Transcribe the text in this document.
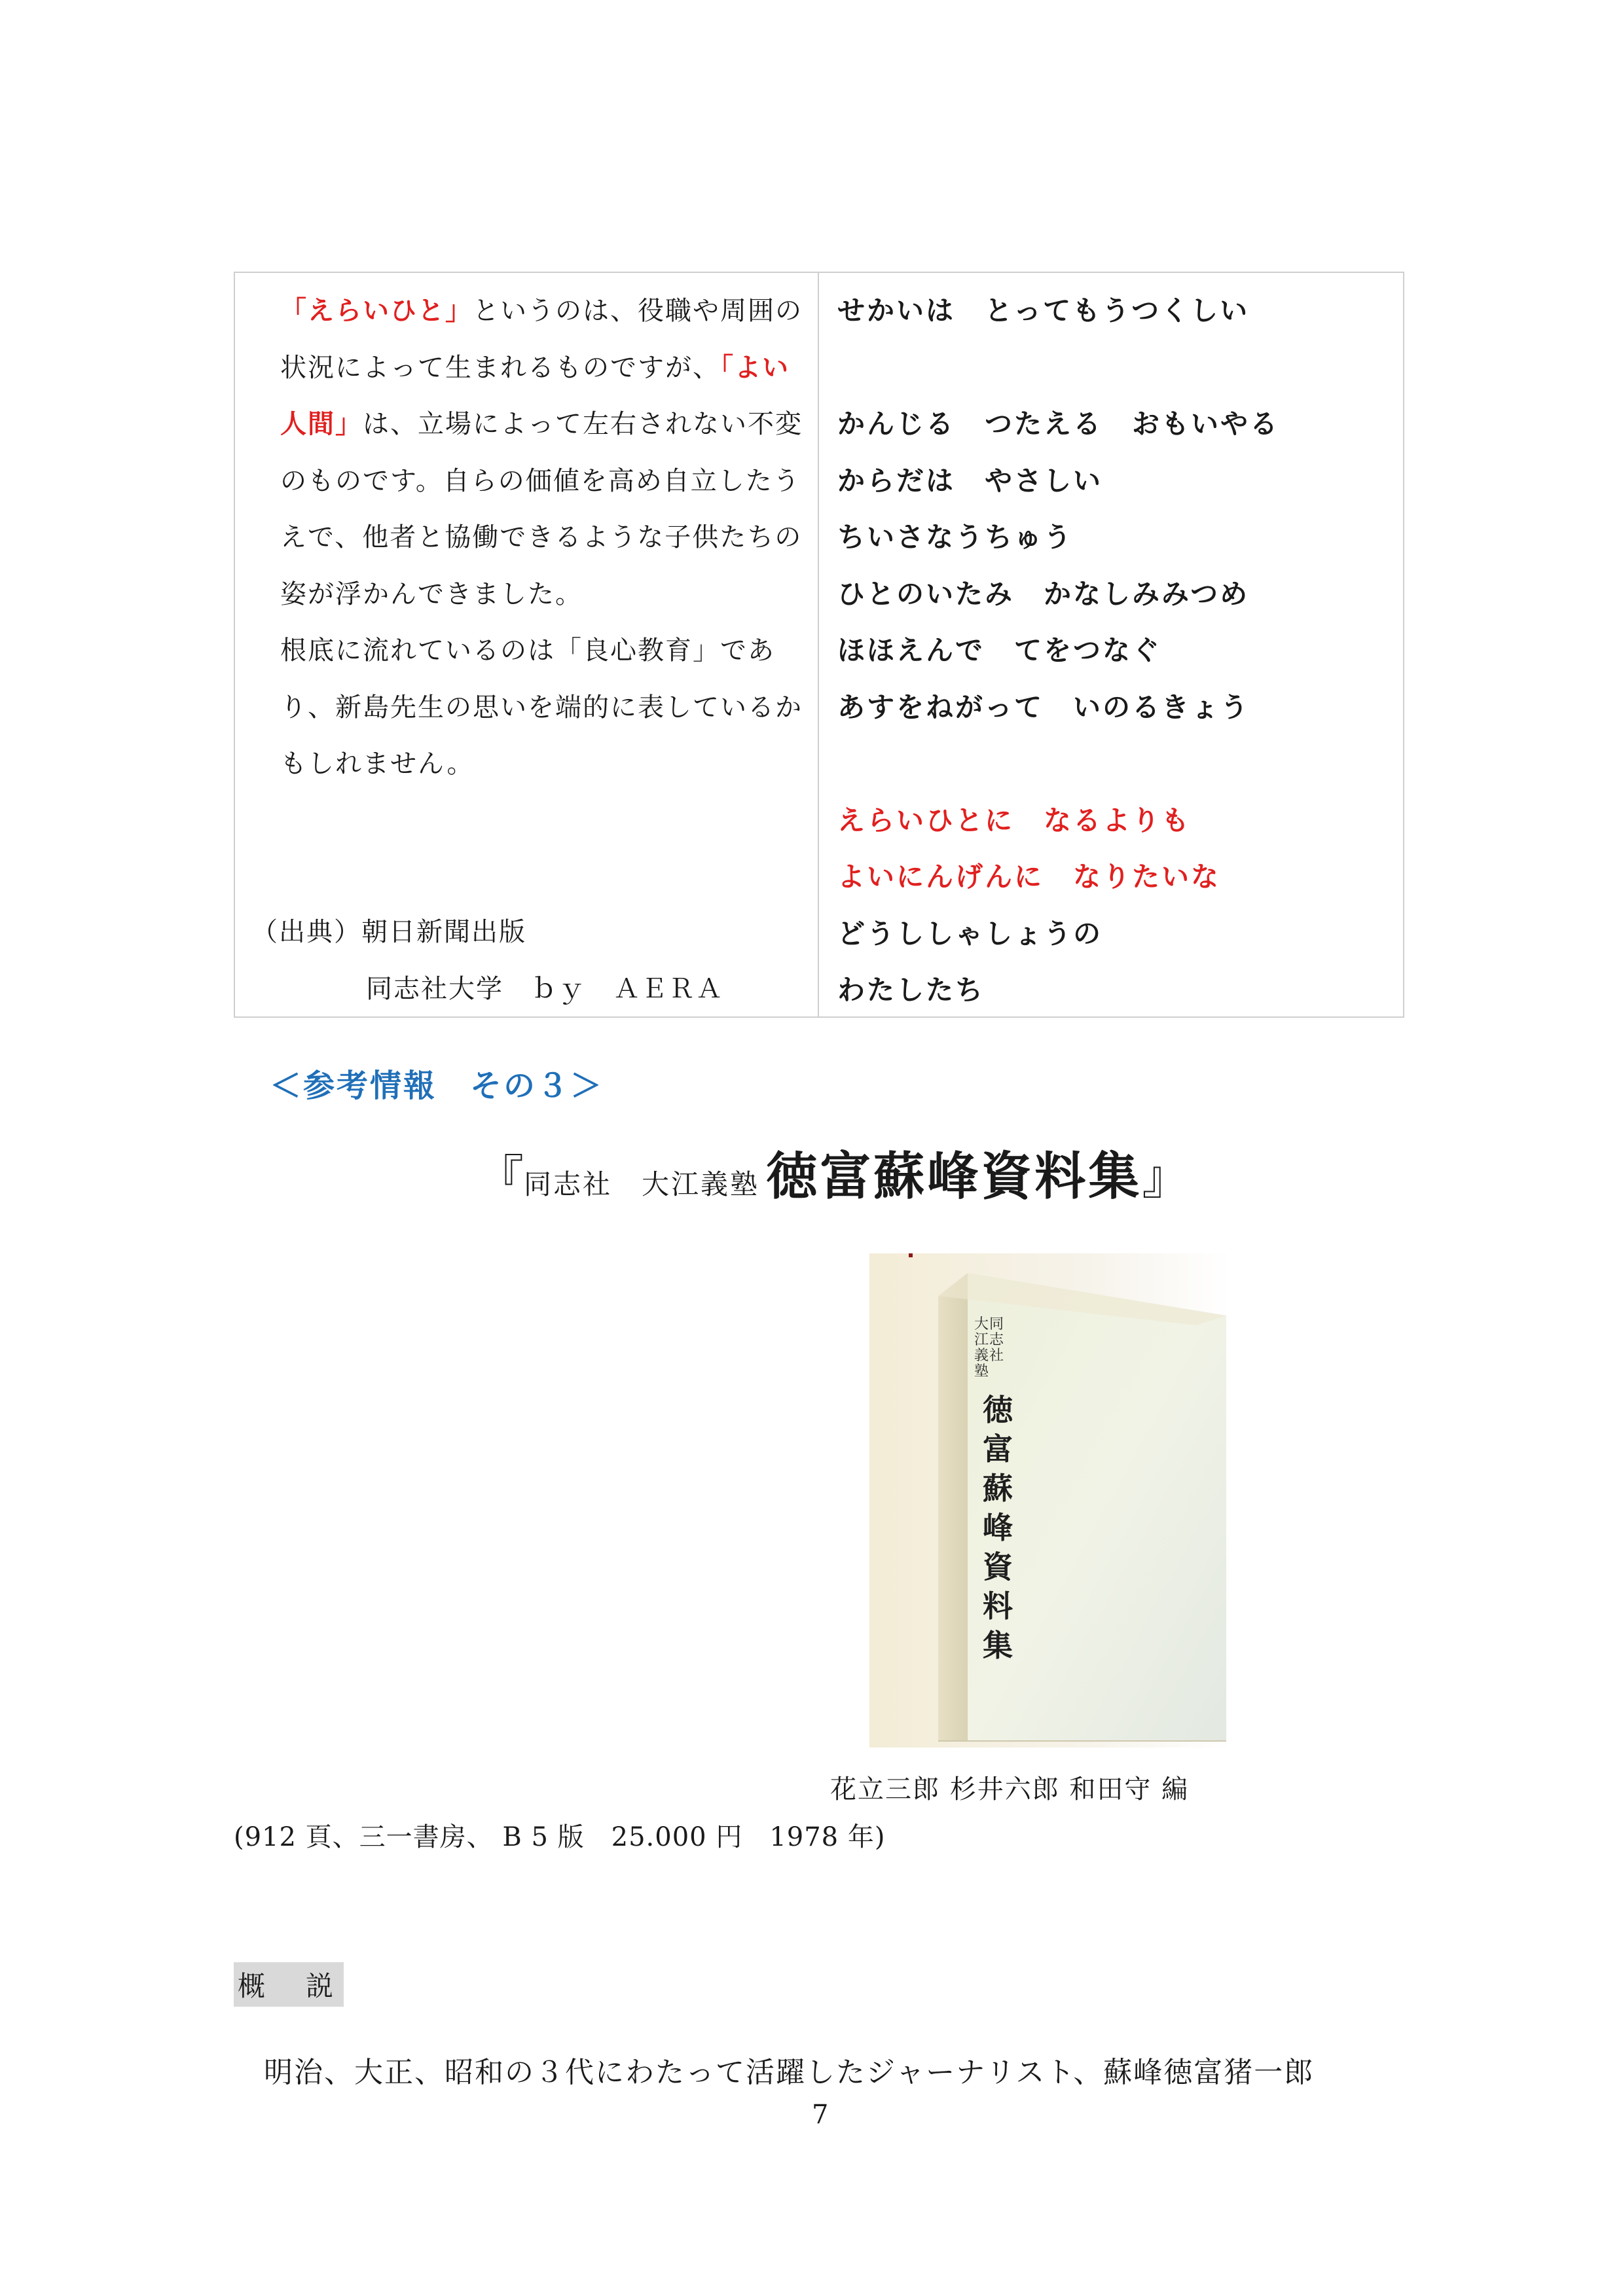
「えらいひと」というのは、役職や周囲の状況によって生まれるものですが、「よい人間」は、立場によって左右されない不変のものです。自らの価値を高め自立したうえで、他者と協働できるような子供たちの姿が浮かんできました。
根底に流れているのは「良心教育」であり、新島先生の思いを端的に表しているかもしれません。
（出典）朝日新聞出版
同志社大学　ｂｙ　ＡＥＲＡ
せかいは　とってもうつくしい
かんじる　つたえる　おもいやる
からだは　やさしい
ちいさなうちゅう
ひとのいたみ　かなしみみつめ
ほほえんで　てをつなぐ
あすをねがって　いのるきょう
えらいひとに　なるよりも
よいにんげんに　なりたいな
どうししゃしょうの
わたしたち
＜参考情報　その３＞
『同志社　大江義塾 徳富蘇峰資料集』
同志社大江義塾
徳富蘇峰資料集
花立三郎 杉井六郎 和田守 編
(912 頁、三一書房、 B 5 版　25.000 円　1978 年)
概　説
明治、大正、昭和の３代にわたって活躍したジャーナリスト、蘇峰徳富猪一郎
7
